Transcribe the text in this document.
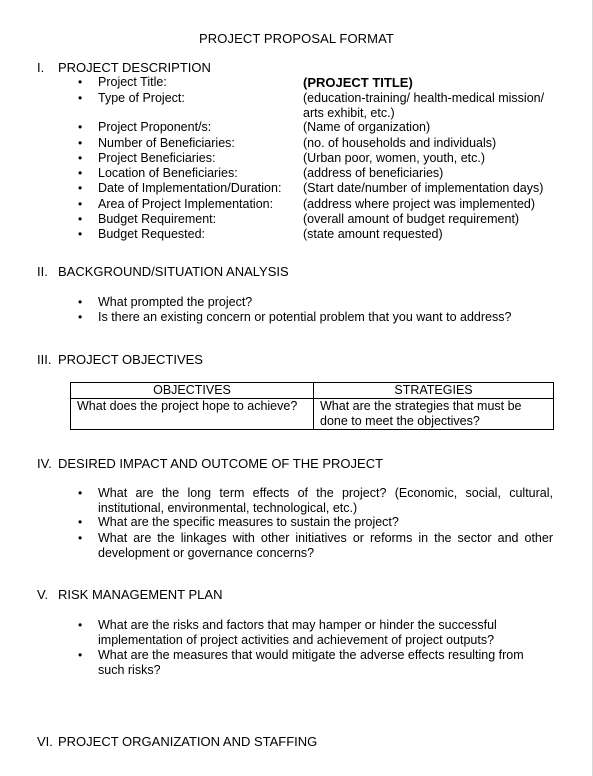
PROJECT PROPOSAL FORMAT
I. PROJECT DESCRIPTION
• Project Title:	(PROJECT TITLE)
• Type of Project:	(education-training/ health-medical mission/
arts exhibit, etc.)
• Project Proponent/s:	(Name of organization)
• Number of Beneficiaries:	(no. of households and individuals)
• Project Beneficiaries:	(Urban poor, women, youth, etc.)
• Location of Beneficiaries:	(address of beneficiaries)
• Date of Implementation/Duration: (Start date/number of implementation days)
• Area of Project Implementation: (address where project was implemented)
• Budget Requirement:	(overall amount of budget requirement)
• Budget Requested:	(state amount requested)
II. BACKGROUND/SITUATION ANALYSIS
• What prompted the project?
• Is there an existing concern or potential problem that you want to address?
III. PROJECT OBJECTIVES
OBJECTIVES	STRATEGIES
What does the project hope to achieve?	What are the strategies that must be done to meet the objectives?
IV. DESIRED IMPACT AND OUTCOME OF THE PROJECT
• What are the long term effects of the project? (Economic, social, cultural, institutional, environmental, technological, etc.)
• What are the specific measures to sustain the project?
• What are the linkages with other initiatives or reforms in the sector and other development or governance concerns?
V. RISK MANAGEMENT PLAN
• What are the risks and factors that may hamper or hinder the successful implementation of project activities and achievement of project outputs?
• What are the measures that would mitigate the adverse effects resulting from such risks?
VI. PROJECT ORGANIZATION AND STAFFING
